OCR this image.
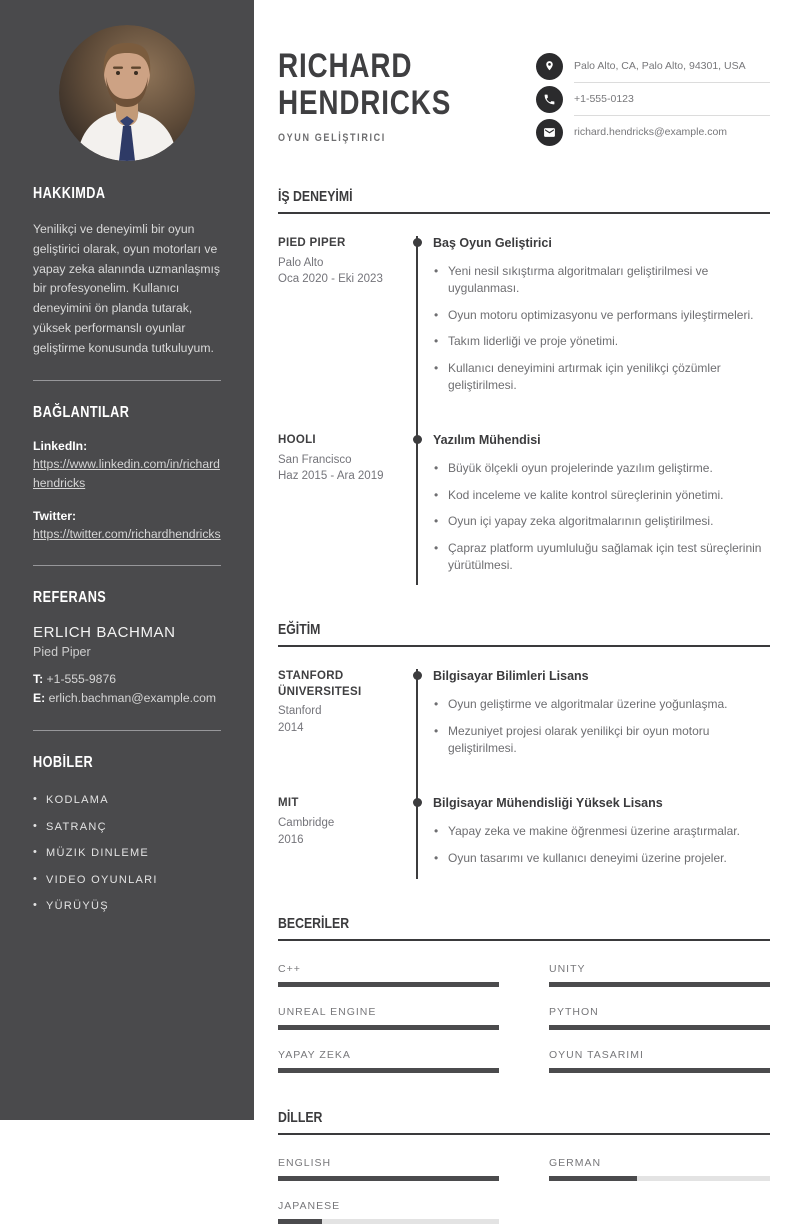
HAKKIMDA

Yenilikçi ve deneyimli bir oyun geliştirici olarak, oyun motorları ve yapay zeka alanında uzmanlaşmış bir profesyonelim. Kullanıcı deneyimini ön planda tutarak, yüksek performanslı oyunlar geliştirme konusunda tutkuluyum.

BAĞLANTILAR
LinkedIn:
https://www.linkedin.com/in/richardhendricks
Twitter:
https://twitter.com/richardhendricks
REFERANS
ERLICH BACHMAN
Pied Piper
T: +1-555-9876
E: erlich.bachman@example.com
HOBİLER
• KODLAMA
• SATRANÇ
• MÜZIK DINLEME
• VIDEO OYUNLARI
• YÜRÜYÜŞ
RICHARD
HENDRICKS
OYUN GELİŞTIRICI
Palo Alto, CA, Palo Alto, 94301, USA
+1-555-0123
richard.hendricks@example.com
İŞ DENEYİMİ
PIED PIPER
Palo Alto
Oca 2020 - Eki 2023
Baş Oyun Geliştirici
• Yeni nesil sıkıştırma algoritmaları geliştirilmesi ve uygulanması.
• Oyun motoru optimizasyonu ve performans iyileştirmeleri.
• Takım liderliği ve proje yönetimi.
• Kullanıcı deneyimini artırmak için yenilikçi çözümler geliştirilmesi.
HOOLI
San Francisco
Haz 2015 - Ara 2019
Yazılım Mühendisi
• Büyük ölçekli oyun projelerinde yazılım geliştirme.
• Kod inceleme ve kalite kontrol süreçlerinin yönetimi.
• Oyun içi yapay zeka algoritmalarının geliştirilmesi.
• Çapraz platform uyumluluğu sağlamak için test süreçlerinin yürütülmesi.
EĞİTİM
STANFORD ÜNIVERSITESI
Stanford
2014
Bilgisayar Bilimleri Lisans
• Oyun geliştirme ve algoritmalar üzerine yoğunlaşma.
• Mezuniyet projesi olarak yenilikçi bir oyun motoru geliştirilmesi.
MIT
Cambridge
2016
Bilgisayar Mühendisliği Yüksek Lisans
• Yapay zeka ve makine öğrenmesi üzerine araştırmalar.
• Oyun tasarımı ve kullanıcı deneyimi üzerine projeler.
BECERİLER
C++	UNITY
UNREAL ENGINE	PYTHON
YAPAY ZEKA	OYUN TASARIMI
DİLLER
ENGLISH	GERMAN
JAPANESE
